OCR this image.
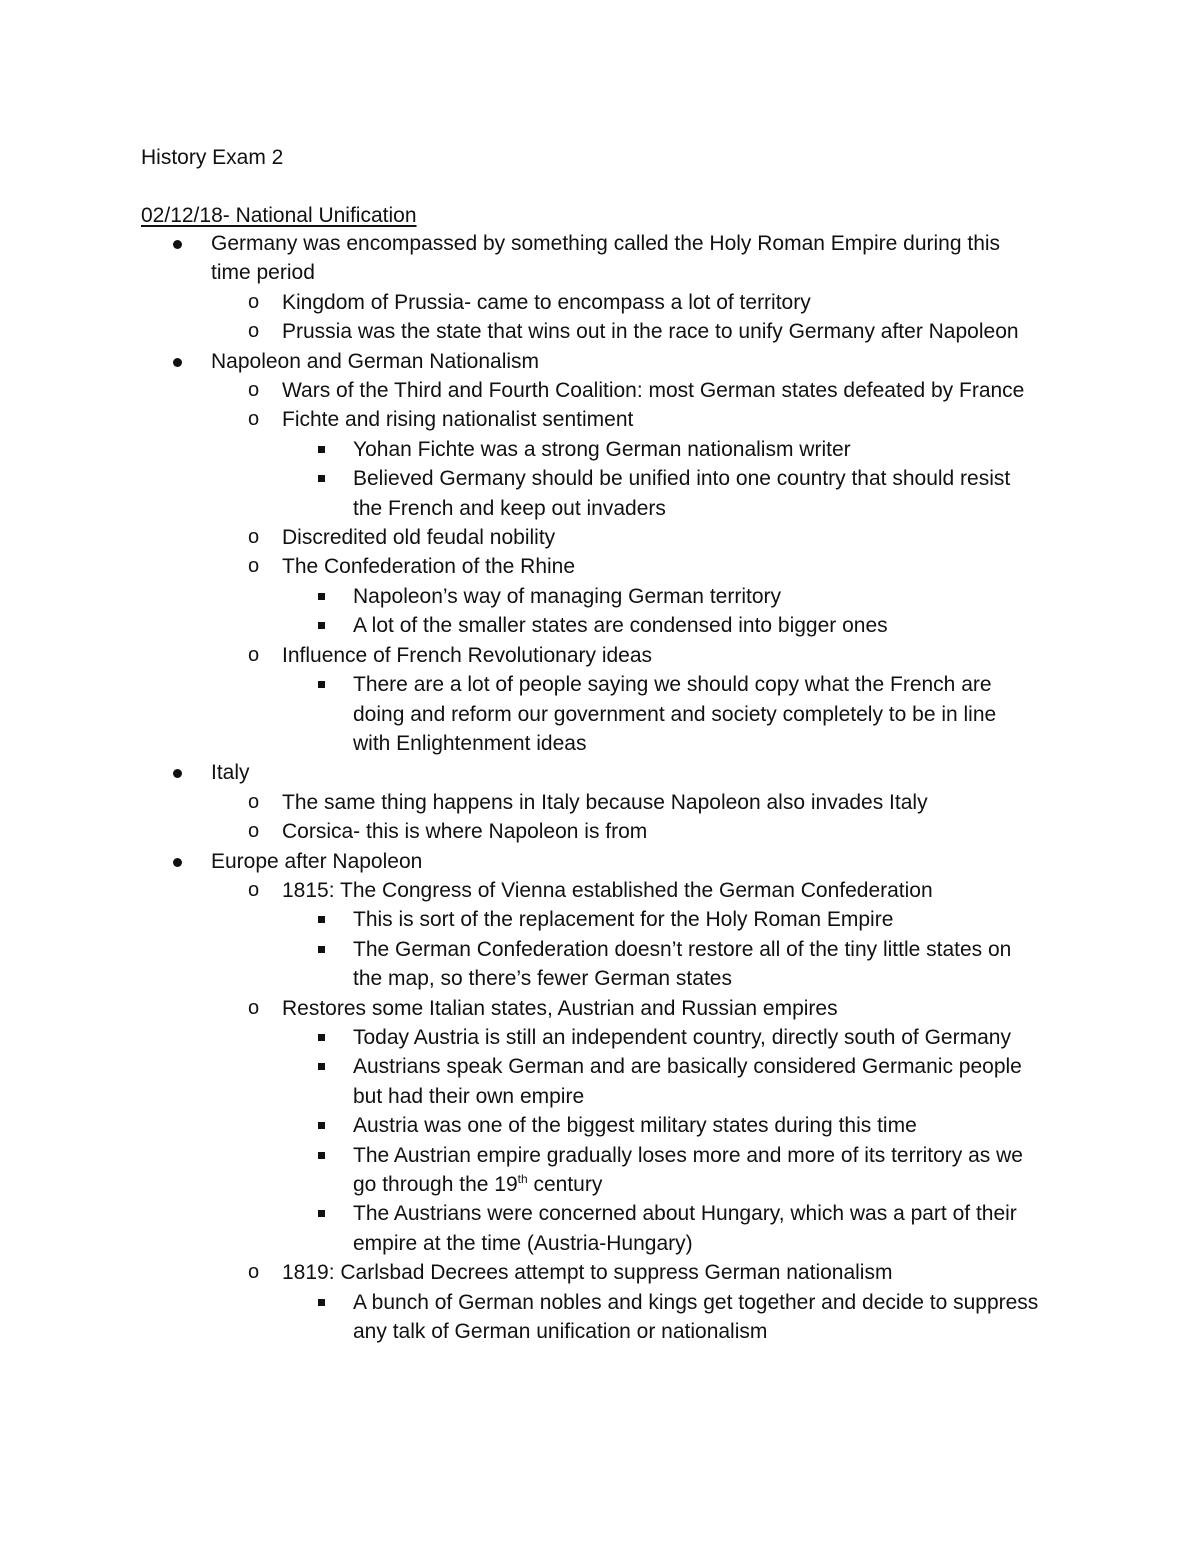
History Exam 2
02/12/18- National Unification
Germany was encompassed by something called the Holy Roman Empire during this
time period
o	Kingdom of Prussia- came to encompass a lot of territory
o	Prussia was the state that wins out in the race to unify Germany after Napoleon
Napoleon and German Nationalism
o	Wars of the Third and Fourth Coalition: most German states defeated by France
o	Fichte and rising nationalist sentiment
Yohan Fichte was a strong German nationalism writer
Believed Germany should be unified into one country that should resist
the French and keep out invaders
o	Discredited old feudal nobility
o	The Confederation of the Rhine
Napoleon’s way of managing German territory
A lot of the smaller states are condensed into bigger ones
o	Influence of French Revolutionary ideas
There are a lot of people saying we should copy what the French are
doing and reform our government and society completely to be in line
with Enlightenment ideas
Italy
o	The same thing happens in Italy because Napoleon also invades Italy
o	Corsica- this is where Napoleon is from
Europe after Napoleon
o	1815: The Congress of Vienna established the German Confederation
This is sort of the replacement for the Holy Roman Empire
The German Confederation doesn’t restore all of the tiny little states on
the map, so there’s fewer German states
o	Restores some Italian states, Austrian and Russian empires
Today Austria is still an independent country, directly south of Germany
Austrians speak German and are basically considered Germanic people
but had their own empire
Austria was one of the biggest military states during this time
The Austrian empire gradually loses more and more of its territory as we
go through the 19th century
The Austrians were concerned about Hungary, which was a part of their
empire at the time (Austria-Hungary)
o	1819: Carlsbad Decrees attempt to suppress German nationalism
A bunch of German nobles and kings get together and decide to suppress
any talk of German unification or nationalism
